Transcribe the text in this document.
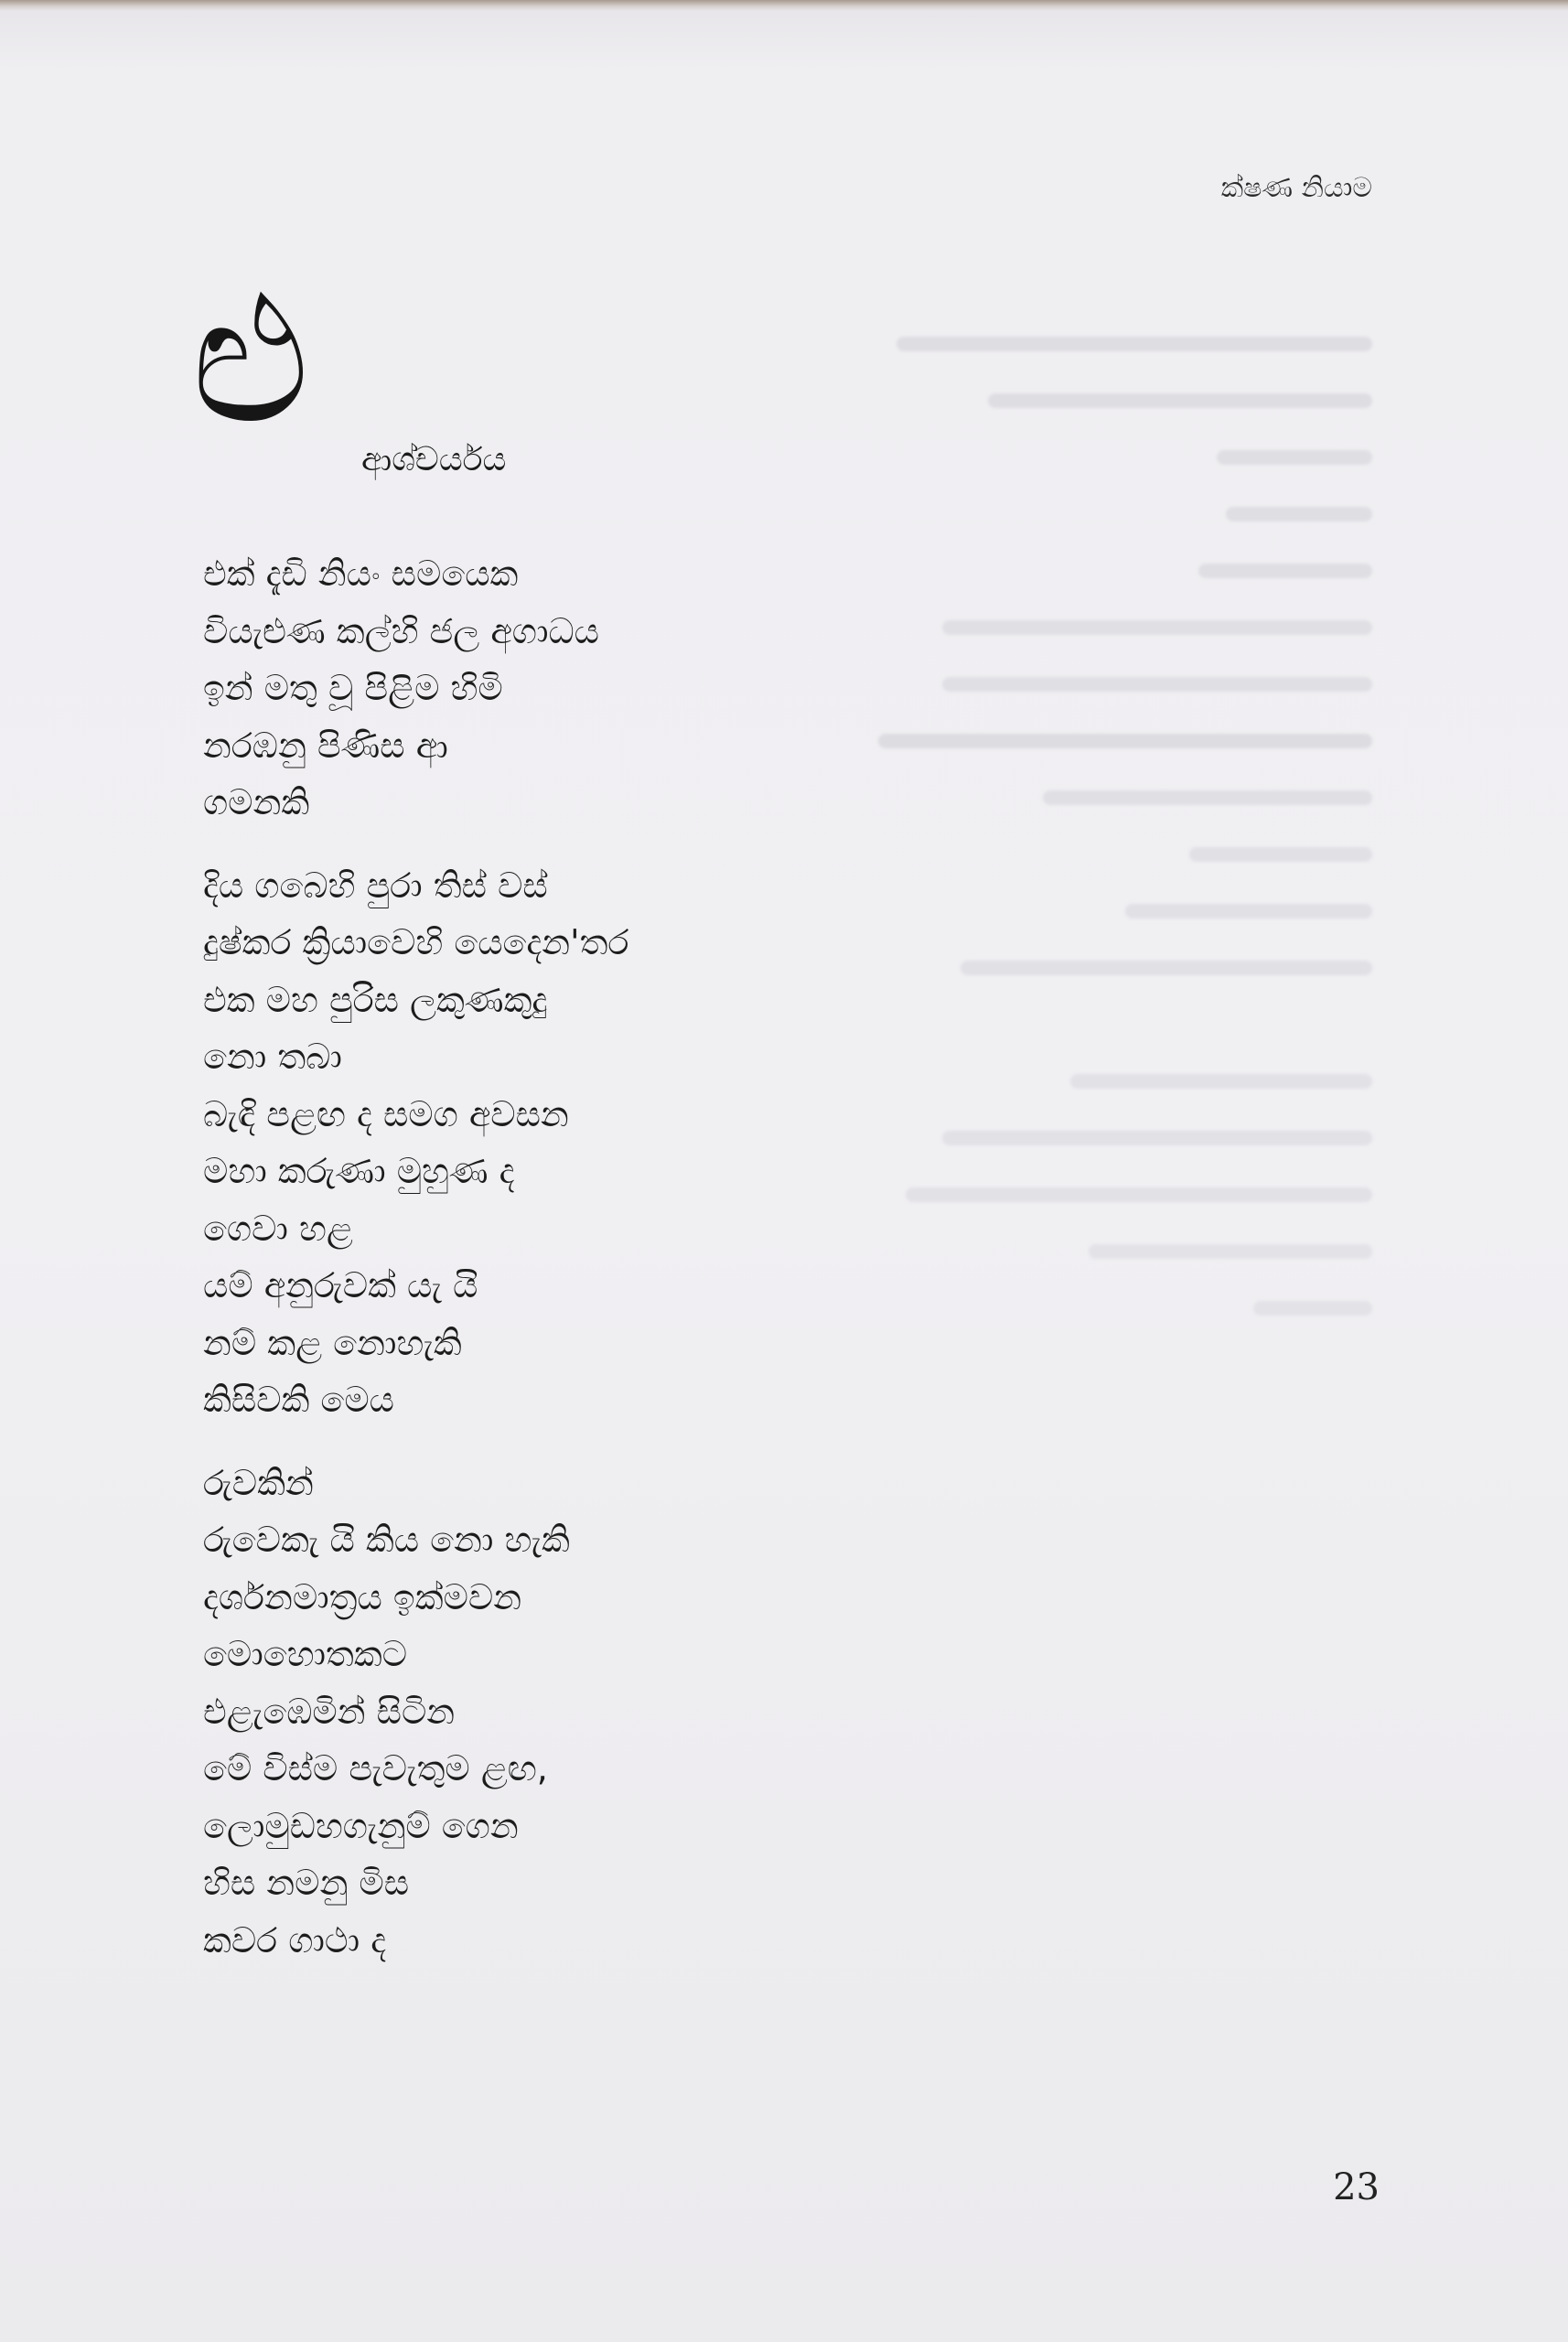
ක්ෂණ නියාම
ළු ආශ්චර්යය
එක් දැඩි නියං සමයෙක
වියැළුණ කල්හි ජල අගාධය
ඉන් මතු වූ පිළිම හිමි
නරඹනු පිණිස ආ
ගමනකි
දිය ගබෙහි පුරා තිස් වස්
දුෂ්කර ක්‍රියාවෙහි යෙදෙන'තර
එක මහ පුරිස ලකුණකුදු
නො තබා
බැඳි පළඟ ද සමග අවසන
මහා කරුණා මුහුණ ද
ගෙවා හළ
යම් අනුරුවක් යැ යි
නම් කළ නොහැකි
කිසිවකි මෙය
රුවකින්
රුවෙකැ යි කිය නො හැකි
දර්ශනමාත්‍රය ඉක්මවන
මොහොතකට
එළැඹෙමින් සිටින
මේ විස්ම පැවැතුම ළඟ,
ලොමුඩහගැනුම් ගෙන
හිස නමනු මිස
කවර ගාථා ද
23
